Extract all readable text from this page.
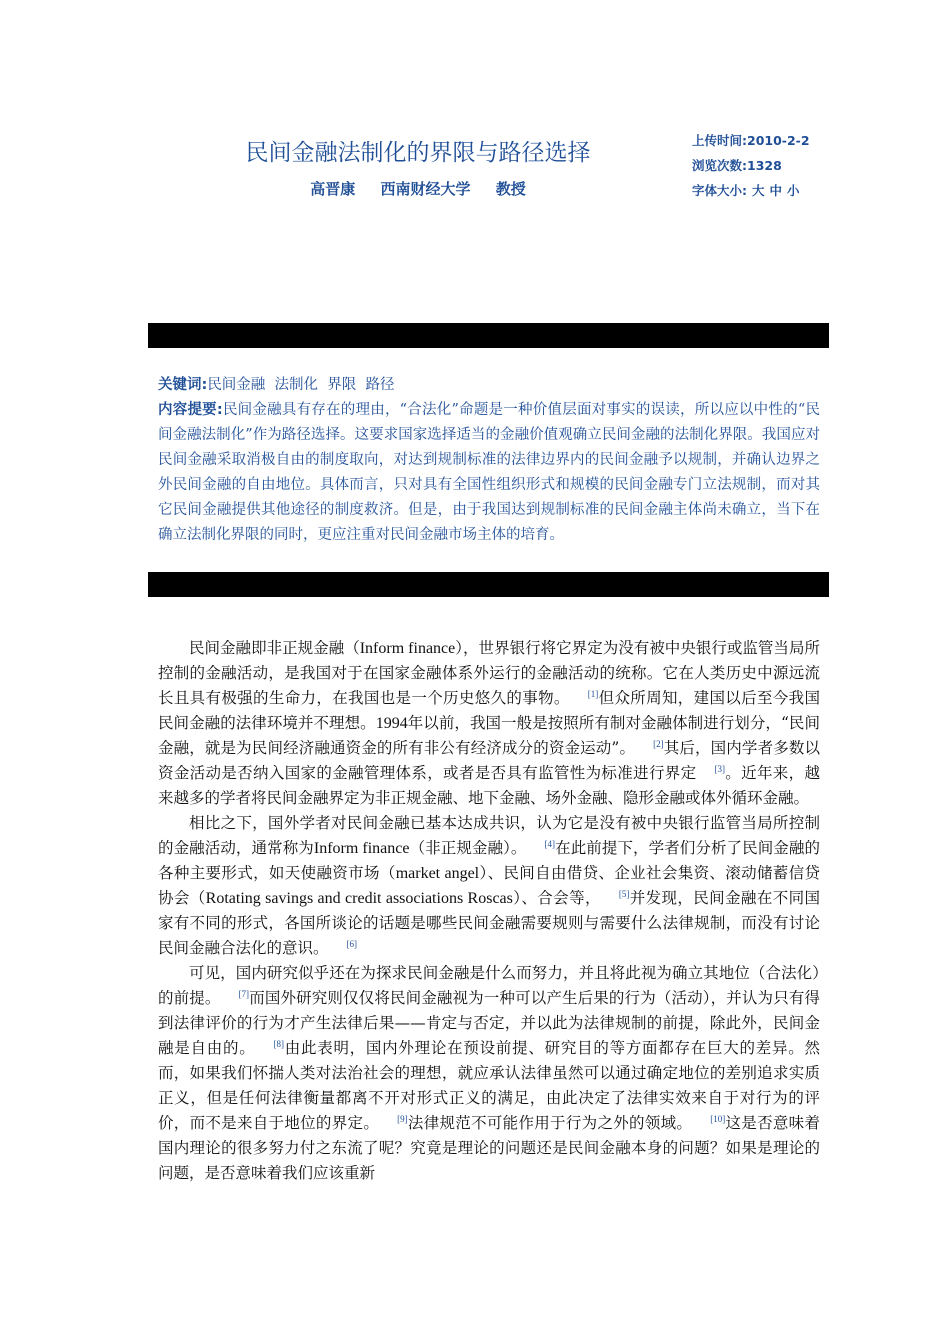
民间金融法制化的界限与路径选择
高晋康 西南财经大学 教授
上传时间:2010-2-2
浏览次数:1328
字体大小: 大 中 小
关键词:民间金融  法制化  界限  路径
内容提要:民间金融具有存在的理由，“合法化”命题是一种价值层面对事实的误读，所以应以中性的“民间金融法制化”作为路径选择。这要求国家选择适当的金融价值观确立民间金融的法制化界限。我国应对民间金融采取消极自由的制度取向，对达到规制标准的法律边界内的民间金融予以规制，并确认边界之外民间金融的自由地位。具体而言，只对具有全国性组织形式和规模的民间金融专门立法规制，而对其它民间金融提供其他途径的制度救济。但是，由于我国达到规制标准的民间金融主体尚未确立，当下在确立法制化界限的同时，更应注重对民间金融市场主体的培育。

民间金融即非正规金融（Inform finance），世界银行将它界定为没有被中央银行或监管当局所控制的金融活动，是我国对于在国家金融体系外运行的金融活动的统称。它在人类历史中源远流长且具有极强的生命力，在我国也是一个历史悠久的事物。 [1]但众所周知，建国以后至今我国民间金融的法律环境并不理想。1994年以前，我国一般是按照所有制对金融体制进行划分，“民间金融，就是为民间经济融通资金的所有非公有经济成分的资金运动”。 [2]其后，国内学者多数以资金活动是否纳入国家的金融管理体系，或者是否具有监管性为标准进行界定 [3]。近年来，越来越多的学者将民间金融界定为非正规金融、地下金融、场外金融、隐形金融或体外循环金融。

相比之下，国外学者对民间金融已基本达成共识，认为它是没有被中央银行监管当局所控制的金融活动，通常称为Inform finance（非正规金融）。 [4]在此前提下，学者们分析了民间金融的各种主要形式，如天使融资市场（market angel）、民间自由借贷、企业社会集资、滚动储蓄信贷协会（Rotating savings and credit associations Roscas）、合会等， [5]并发现，民间金融在不同国家有不同的形式，各国所谈论的话题是哪些民间金融需要规则与需要什么法律规制，而没有讨论民间金融合法化的意识。 [6]

可见，国内研究似乎还在为探求民间金融是什么而努力，并且将此视为确立其地位（合法化）的前提。 [7]而国外研究则仅仅将民间金融视为一种可以产生后果的行为（活动），并认为只有得到法律评价的行为才产生法律后果——肯定与否定，并以此为法律规制的前提，除此外，民间金融是自由的。 [8]由此表明，国内外理论在预设前提、研究目的等方面都存在巨大的差异。然而，如果我们怀揣人类对法治社会的理想，就应承认法律虽然可以通过确定地位的差别追求实质正义，但是任何法律衡量都离不开对形式正义的满足，由此决定了法律实效来自于对行为的评价，而不是来自于地位的界定。 [9]法律规范不可能作用于行为之外的领域。 [10]这是否意味着国内理论的很多努力付之东流了呢？究竟是理论的问题还是民间金融本身的问题？如果是理论的问题，是否意味着我们应该重新
